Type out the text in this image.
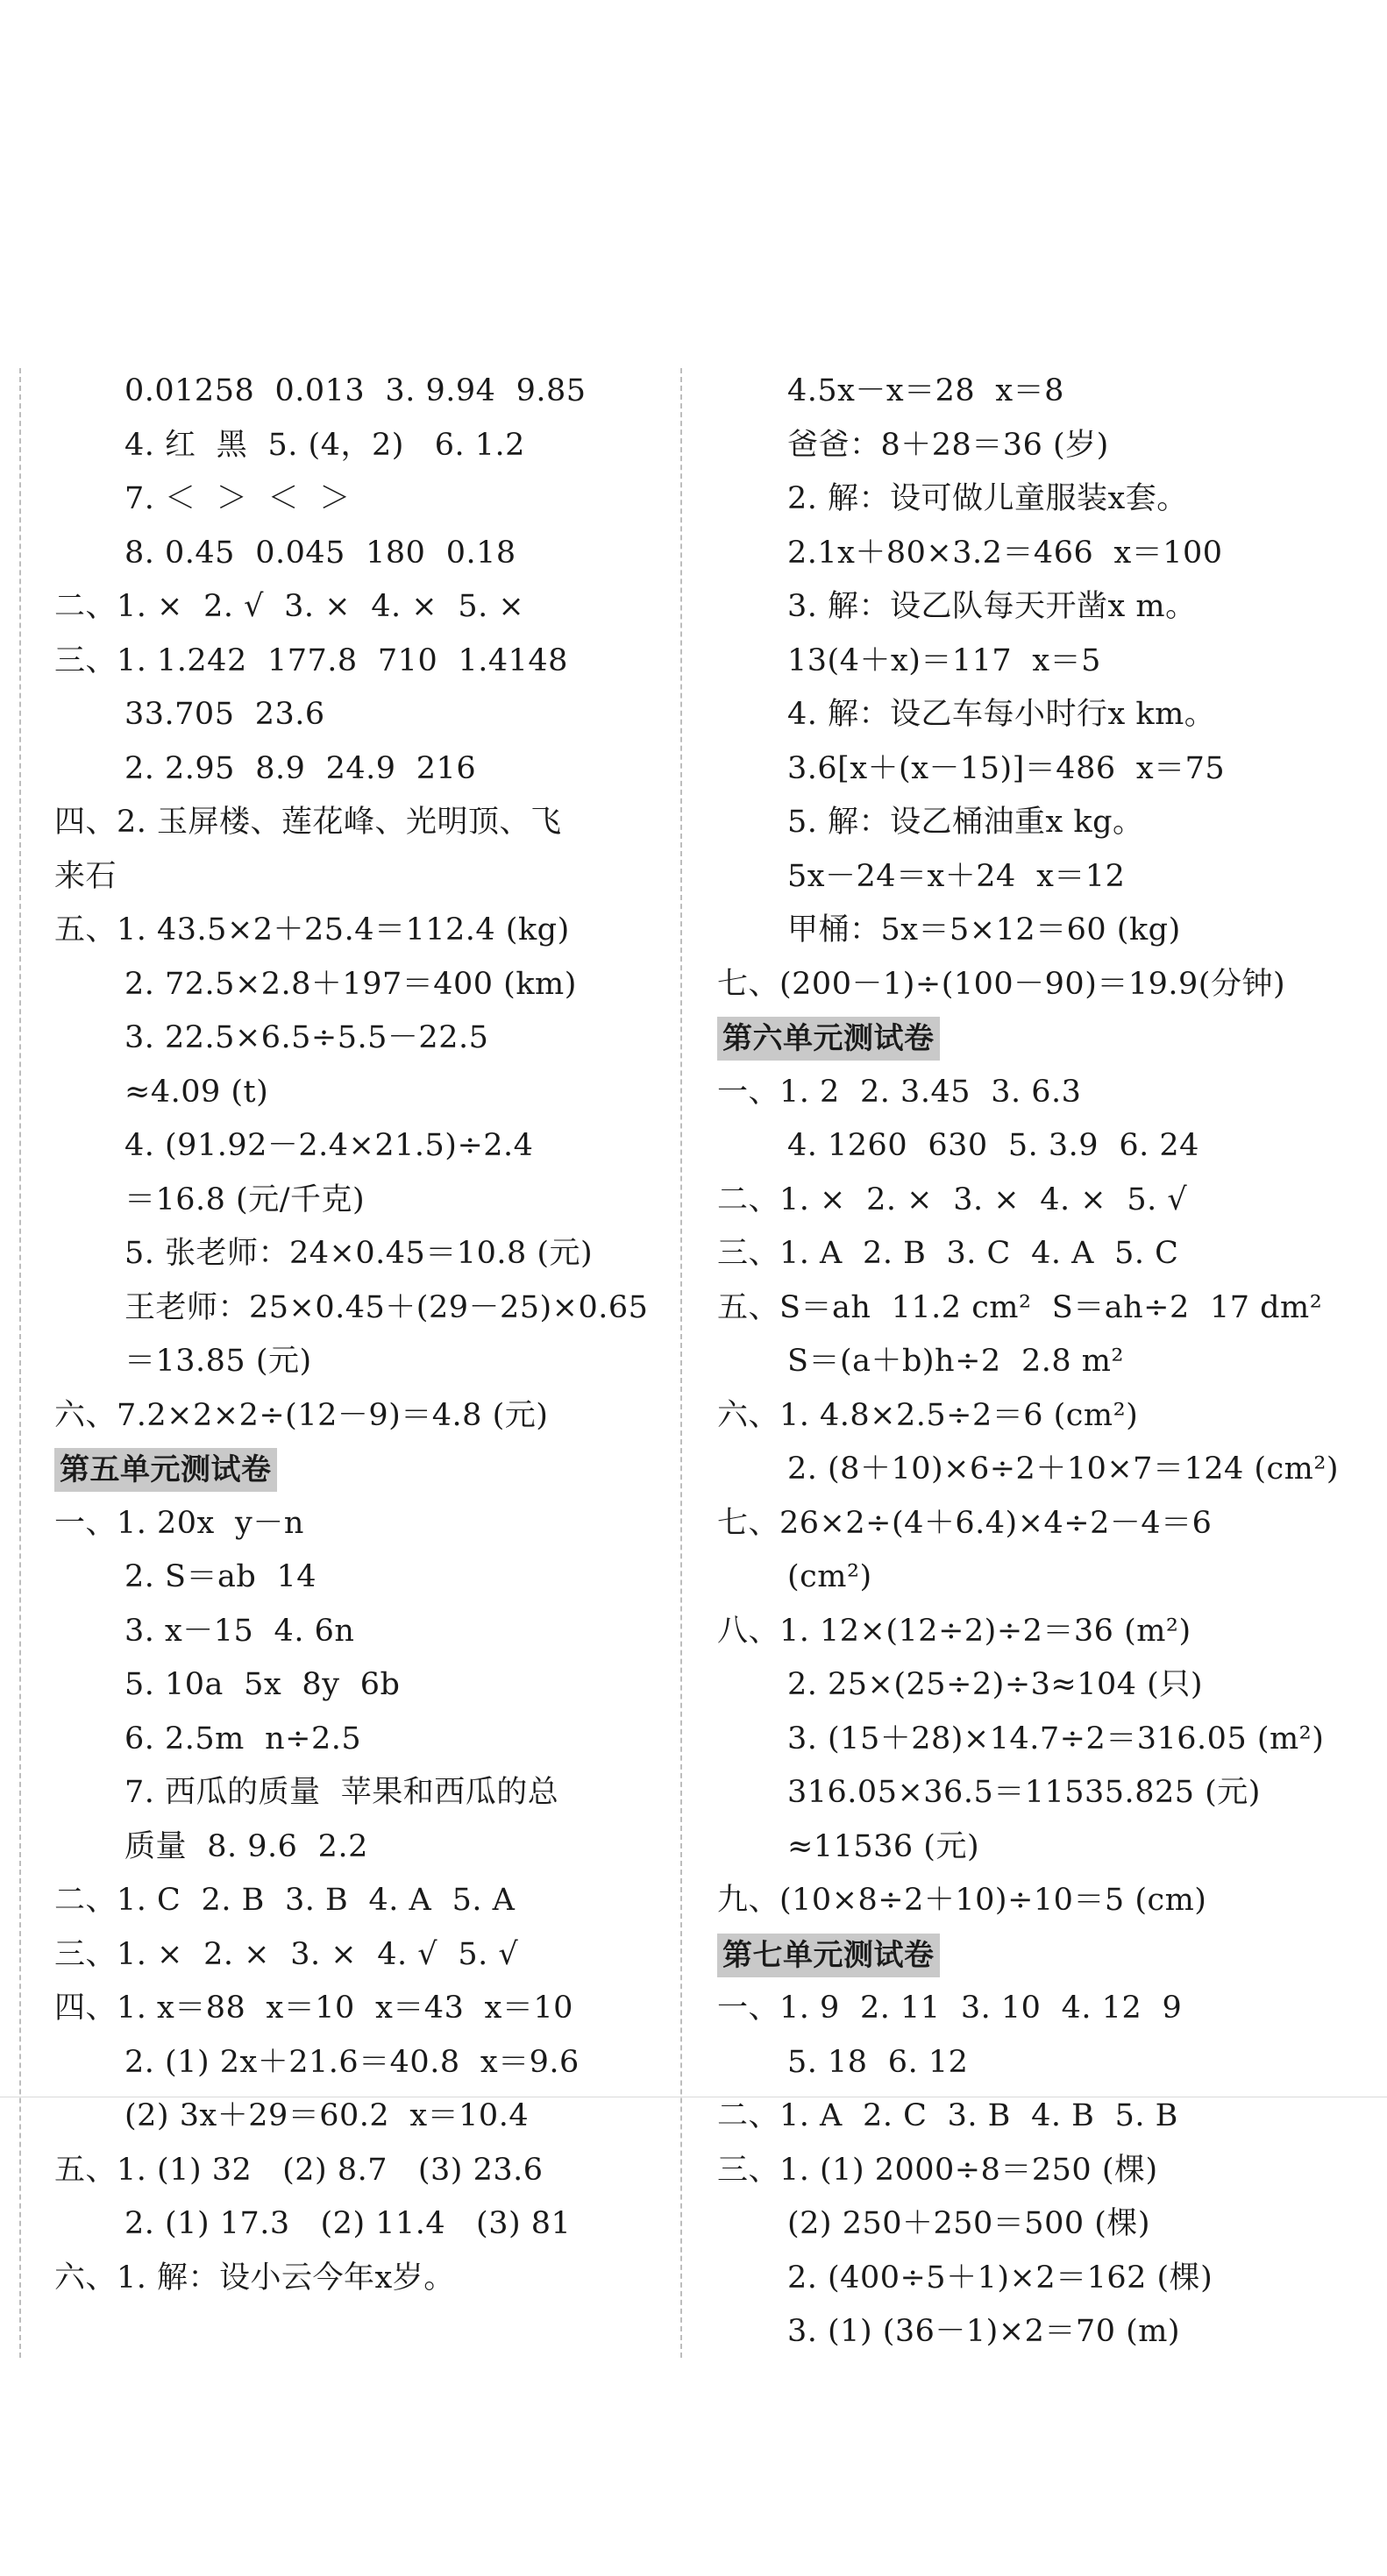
0.01258  0.013  3. 9.94  9.85
4. 红  黑  5. (4，2)   6. 1.2
7. ＜  ＞  ＜  ＞
8. 0.45  0.045  180  0.18
二、1. ×  2. √  3. ×  4. ×  5. ×
三、1. 1.242  177.8  710  1.4148
33.705  23.6
2. 2.95  8.9  24.9  216
四、2. 玉屏楼、莲花峰、光明顶、飞
来石
五、1. 43.5×2＋25.4＝112.4 (kg)
2. 72.5×2.8＋197＝400 (km)
3. 22.5×6.5÷5.5－22.5
≈4.09 (t)
4. (91.92－2.4×21.5)÷2.4
＝16.8 (元/千克)
5. 张老师：24×0.45＝10.8 (元)
王老师：25×0.45＋(29－25)×0.65
＝13.85 (元)
六、7.2×2×2÷(12－9)＝4.8 (元)
第五单元测试卷
一、1. 20x  y－n
2. S＝ab  14
3. x－15  4. 6n
5. 10a  5x  8y  6b
6. 2.5m  n÷2.5
7. 西瓜的质量  苹果和西瓜的总
质量  8. 9.6  2.2
二、1. C  2. B  3. B  4. A  5. A
三、1. ×  2. ×  3. ×  4. √  5. √
四、1. x＝88  x＝10  x＝43  x＝10
2. (1) 2x＋21.6＝40.8  x＝9.6
(2) 3x＋29＝60.2  x＝10.4
五、1. (1) 32   (2) 8.7   (3) 23.6
2. (1) 17.3   (2) 11.4   (3) 81
六、1. 解：设小云今年x岁。
4.5x－x＝28  x＝8
爸爸：8＋28＝36 (岁)
2. 解：设可做儿童服装x套。
2.1x＋80×3.2＝466  x＝100
3. 解：设乙队每天开凿x m。
13(4＋x)＝117  x＝5
4. 解：设乙车每小时行x km。
3.6[x＋(x－15)]＝486  x＝75
5. 解：设乙桶油重x kg。
5x－24＝x＋24  x＝12
甲桶：5x＝5×12＝60 (kg)
七、(200－1)÷(100－90)＝19.9(分钟)
第六单元测试卷
一、1. 2  2. 3.45  3. 6.3
4. 1260  630  5. 3.9  6. 24
二、1. ×  2. ×  3. ×  4. ×  5. √
三、1. A  2. B  3. C  4. A  5. C
五、S＝ah  11.2 cm²  S＝ah÷2  17 dm²
S＝(a＋b)h÷2  2.8 m²
六、1. 4.8×2.5÷2＝6 (cm²)
2. (8＋10)×6÷2＋10×7＝124 (cm²)
七、26×2÷(4＋6.4)×4÷2－4＝6
(cm²)
八、1. 12×(12÷2)÷2＝36 (m²)
2. 25×(25÷2)÷3≈104 (只)
3. (15＋28)×14.7÷2＝316.05 (m²)
316.05×36.5＝11535.825 (元)
≈11536 (元)
九、(10×8÷2＋10)÷10＝5 (cm)
第七单元测试卷
一、1. 9  2. 11  3. 10  4. 12  9
5. 18  6. 12
二、1. A  2. C  3. B  4. B  5. B
三、1. (1) 2000÷8＝250 (棵)
(2) 250＋250＝500 (棵)
2. (400÷5＋1)×2＝162 (棵)
3. (1) (36－1)×2＝70 (m)
